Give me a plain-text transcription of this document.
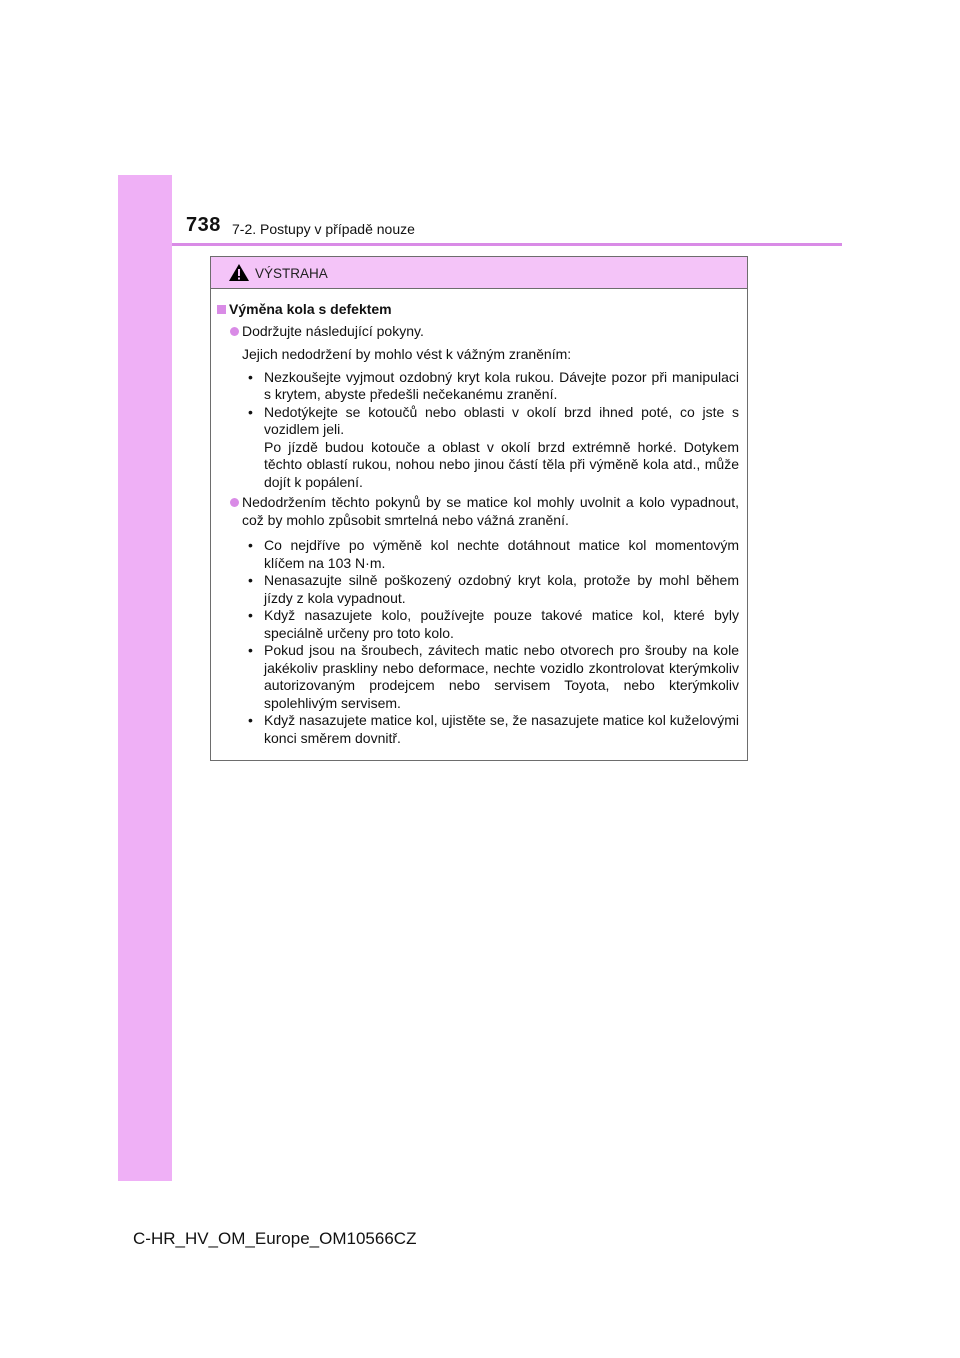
738 7-2. Postupy v případě nouze
VÝSTRAHA
Výměna kola s defektem
Dodržujte následující pokyny.
Jejich nedodržení by mohlo vést k vážným zraněním:
• Nezkoušejte vyjmout ozdobný kryt kola rukou. Dávejte pozor při manipulaci s krytem, abyste předešli nečekanému zranění.
• Nedotýkejte se kotoučů nebo oblasti v okolí brzd ihned poté, co jste s vozidlem jeli.
Po jízdě budou kotouče a oblast v okolí brzd extrémně horké. Dotykem těchto oblastí rukou, nohou nebo jinou částí těla při výměně kola atd., může dojít k popálení.
Nedodržením těchto pokynů by se matice kol mohly uvolnit a kolo vypadnout, což by mohlo způsobit smrtelná nebo vážná zranění.
• Co nejdříve po výměně kol nechte dotáhnout matice kol momentovým klíčem na 103 N·m.
• Nenasazujte silně poškozený ozdobný kryt kola, protože by mohl během jízdy z kola vypadnout.
• Když nasazujete kolo, používejte pouze takové matice kol, které byly speciálně určeny pro toto kolo.
• Pokud jsou na šroubech, závitech matic nebo otvorech pro šrouby na kole jakékoliv praskliny nebo deformace, nechte vozidlo zkontrolovat kterýmkoliv autorizovaným prodejcem nebo servisem Toyota, nebo kterýmkoliv spolehlivým servisem.
• Když nasazujete matice kol, ujistěte se, že nasazujete matice kol kuželovými konci směrem dovnitř.
C-HR_HV_OM_Europe_OM10566CZ
